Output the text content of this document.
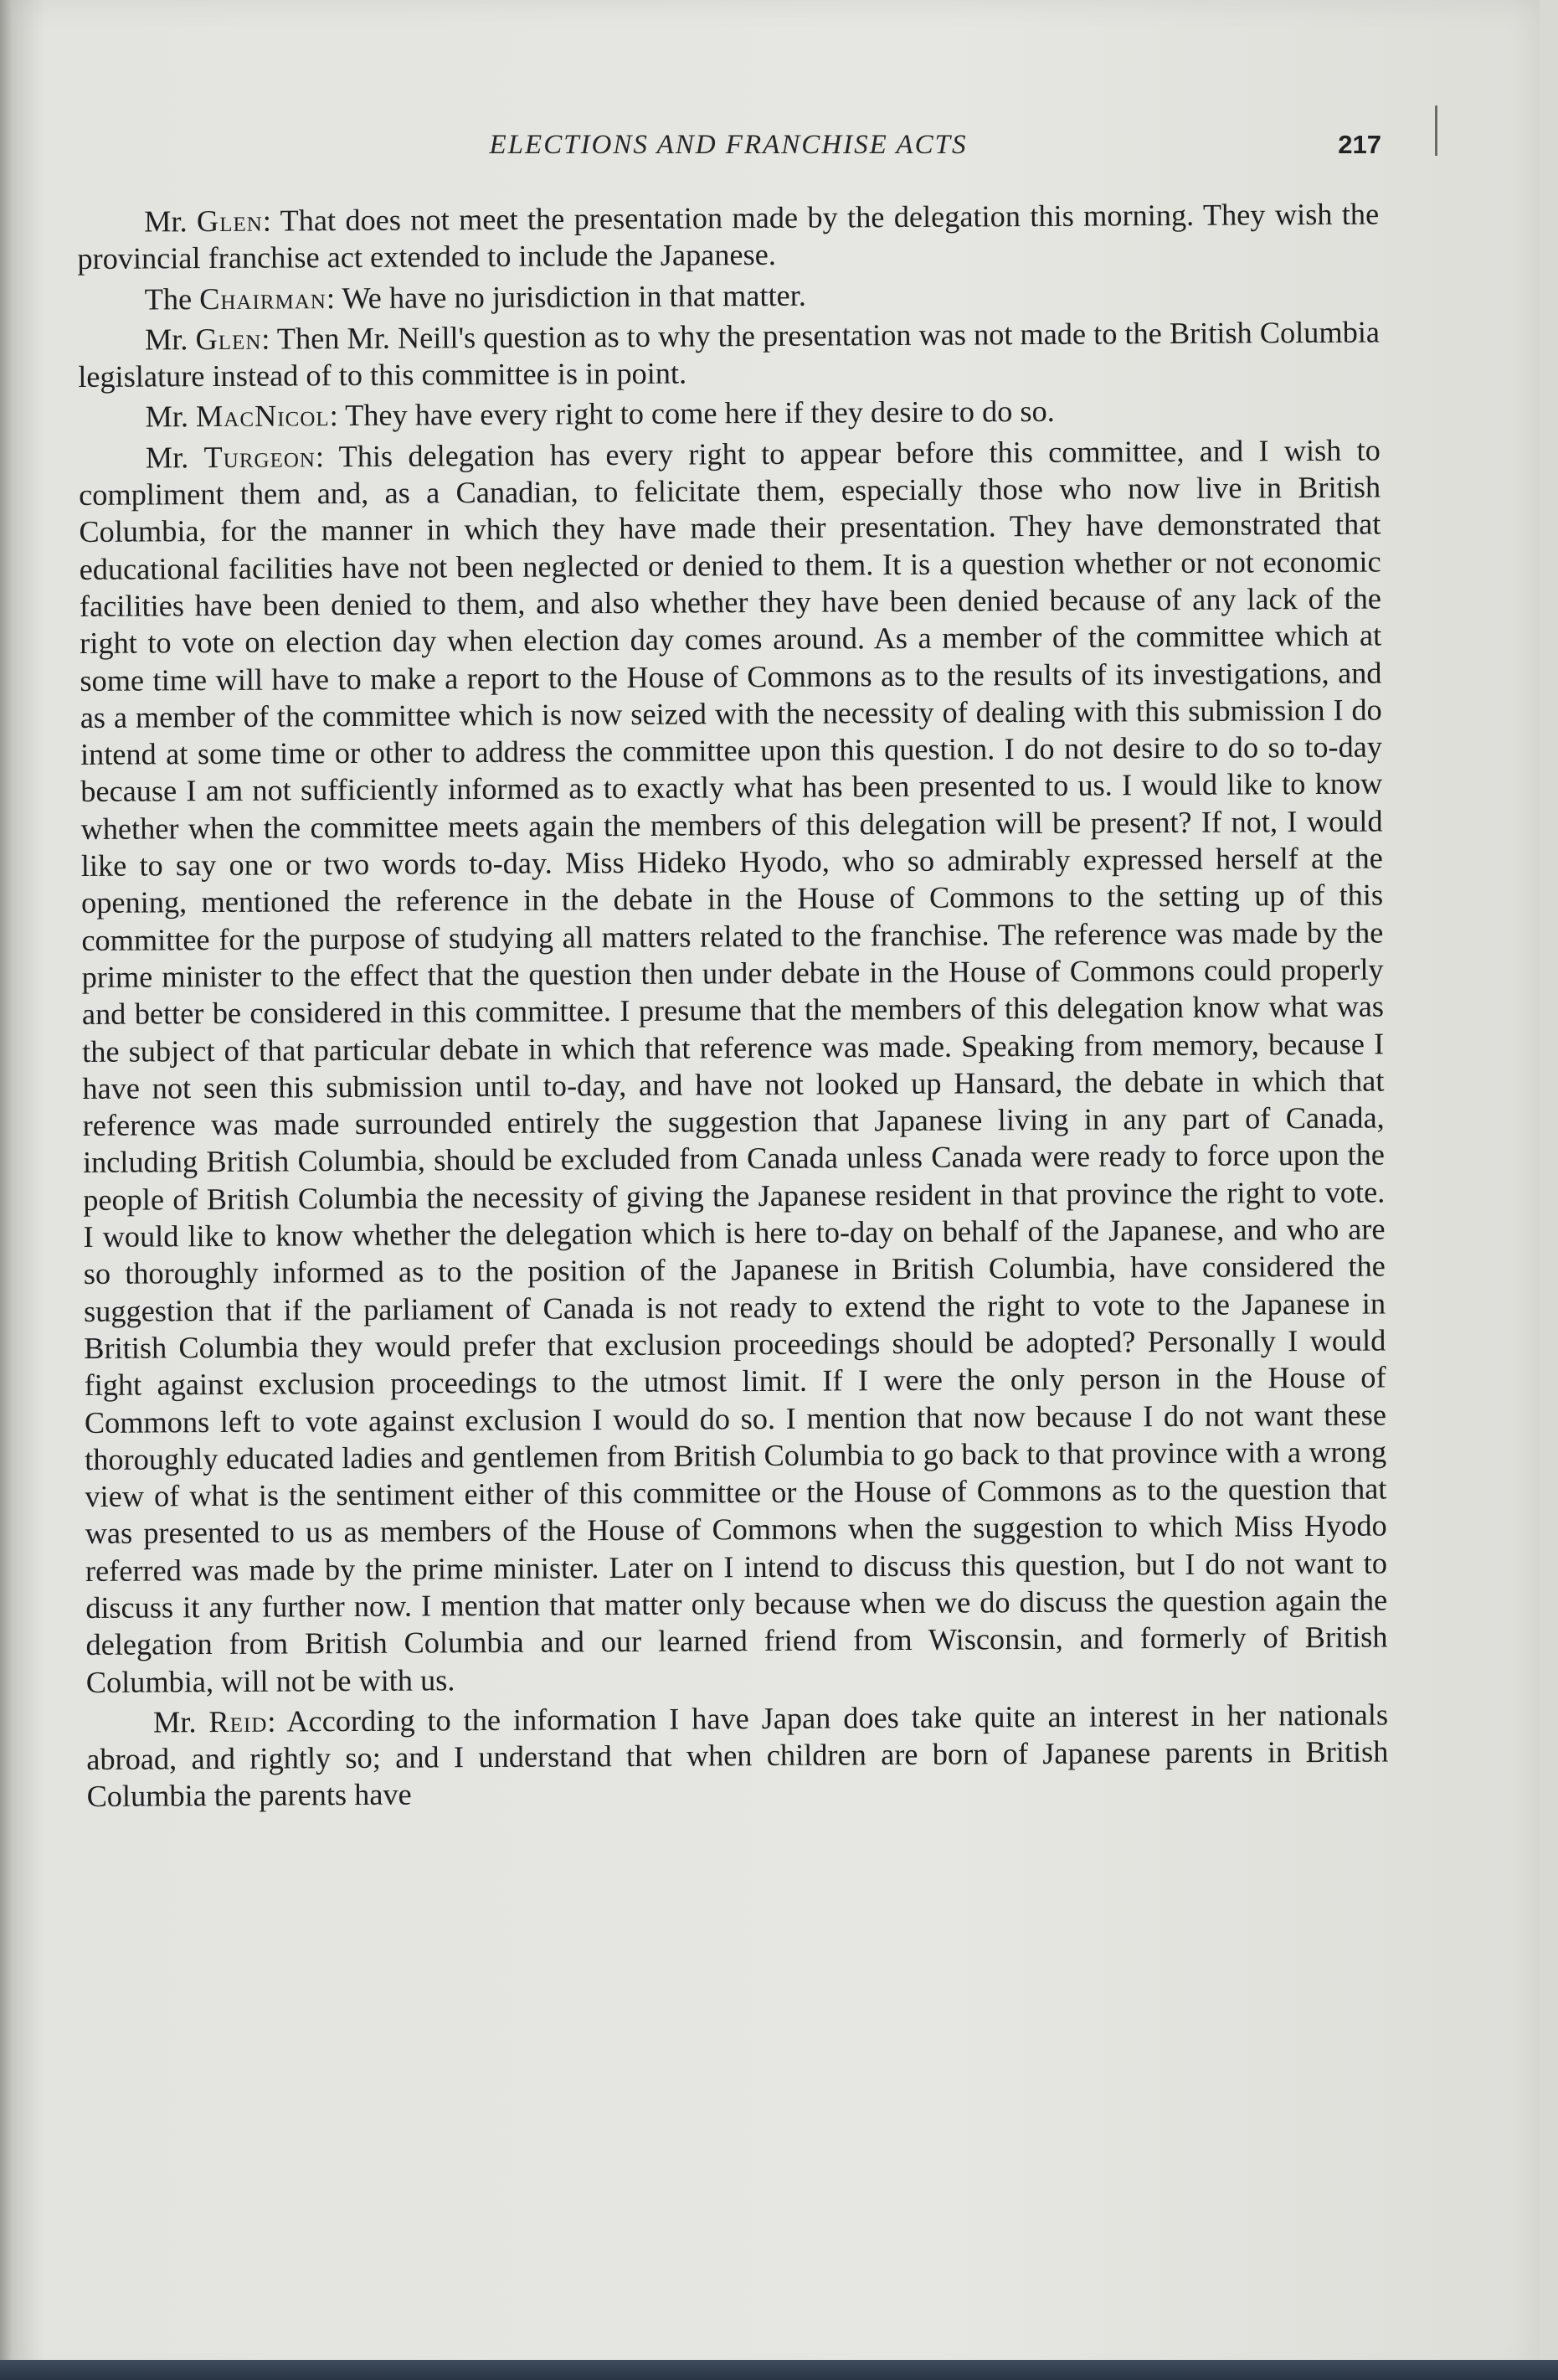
ELECTIONS AND FRANCHISE ACTS	217

Mr. Glen: That does not meet the presentation made by the delegation this morning. They wish the provincial franchise act extended to include the Japanese.

The Chairman: We have no jurisdiction in that matter.

Mr. Glen: Then Mr. Neill's question as to why the presentation was not made to the British Columbia legislature instead of to this committee is in point.

Mr. MacNicol: They have every right to come here if they desire to do so.

Mr. Turgeon: This delegation has every right to appear before this committee, and I wish to compliment them and, as a Canadian, to felicitate them, especially those who now live in British Columbia, for the manner in which they have made their presentation. They have demonstrated that educational facilities have not been neglected or denied to them. It is a question whether or not economic facilities have been denied to them, and also whether they have been denied because of any lack of the right to vote on election day when election day comes around. As a member of the committee which at some time will have to make a report to the House of Commons as to the results of its investigations, and as a member of the committee which is now seized with the necessity of dealing with this submission I do intend at some time or other to address the committee upon this question. I do not desire to do so to-day because I am not sufficiently informed as to exactly what has been presented to us. I would like to know whether when the committee meets again the members of this delegation will be present? If not, I would like to say one or two words to-day. Miss Hideko Hyodo, who so admirably expressed herself at the opening, mentioned the reference in the debate in the House of Commons to the setting up of this committee for the purpose of studying all matters related to the franchise. The reference was made by the prime minister to the effect that the question then under debate in the House of Commons could properly and better be considered in this committee. I presume that the members of this delegation know what was the subject of that particular debate in which that reference was made. Speaking from memory, because I have not seen this submission until to-day, and have not looked up Hansard, the debate in which that reference was made surrounded entirely the suggestion that Japanese living in any part of Canada, including British Columbia, should be excluded from Canada unless Canada were ready to force upon the people of British Columbia the necessity of giving the Japanese resident in that province the right to vote. I would like to know whether the delegation which is here to-day on behalf of the Japanese, and who are so thoroughly informed as to the position of the Japanese in British Columbia, have considered the suggestion that if the parliament of Canada is not ready to extend the right to vote to the Japanese in British Columbia they would prefer that exclusion proceedings should be adopted? Personally I would fight against exclusion proceedings to the utmost limit. If I were the only person in the House of Commons left to vote against exclusion I would do so. I mention that now because I do not want these thoroughly educated ladies and gentlemen from British Columbia to go back to that province with a wrong view of what is the sentiment either of this committee or the House of Commons as to the question that was presented to us as members of the House of Commons when the suggestion to which Miss Hyodo referred was made by the prime minister. Later on I intend to discuss this question, but I do not want to discuss it any further now. I mention that matter only because when we do discuss the question again the delegation from British Columbia and our learned friend from Wisconsin, and formerly of British Columbia, will not be with us.

Mr. Reid: According to the information I have Japan does take quite an interest in her nationals abroad, and rightly so; and I understand that when children are born of Japanese parents in British Columbia the parents have
